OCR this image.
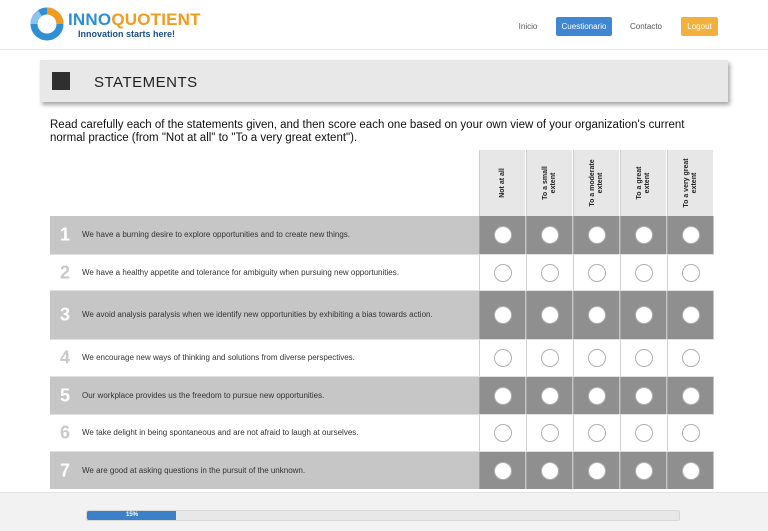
INNOQUOTIENT
Innovation starts here!
Inicio	Cuestionario	Contacto	Logout
STATEMENTS
Read carefully each of the statements given, and then score each one based on your own view of your organization's current normal practice (from "Not at all" to "To a very great extent").
Not at all	To a small extent	To a moderate extent	To a great extent	To a very great extent
1 We have a burning desire to explore opportunities and to create new things.
2 We have a healthy appetite and tolerance for ambiguity when pursuing new opportunities.
3 We avoid analysis paralysis when we identify new opportunities by exhibiting a bias towards action.
4 We encourage new ways of thinking and solutions from diverse perspectives.
5 Our workplace provides us the freedom to pursue new opportunities.
6 We take delight in being spontaneous and are not afraid to laugh at ourselves.
7 We are good at asking questions in the pursuit of the unknown.
15%
